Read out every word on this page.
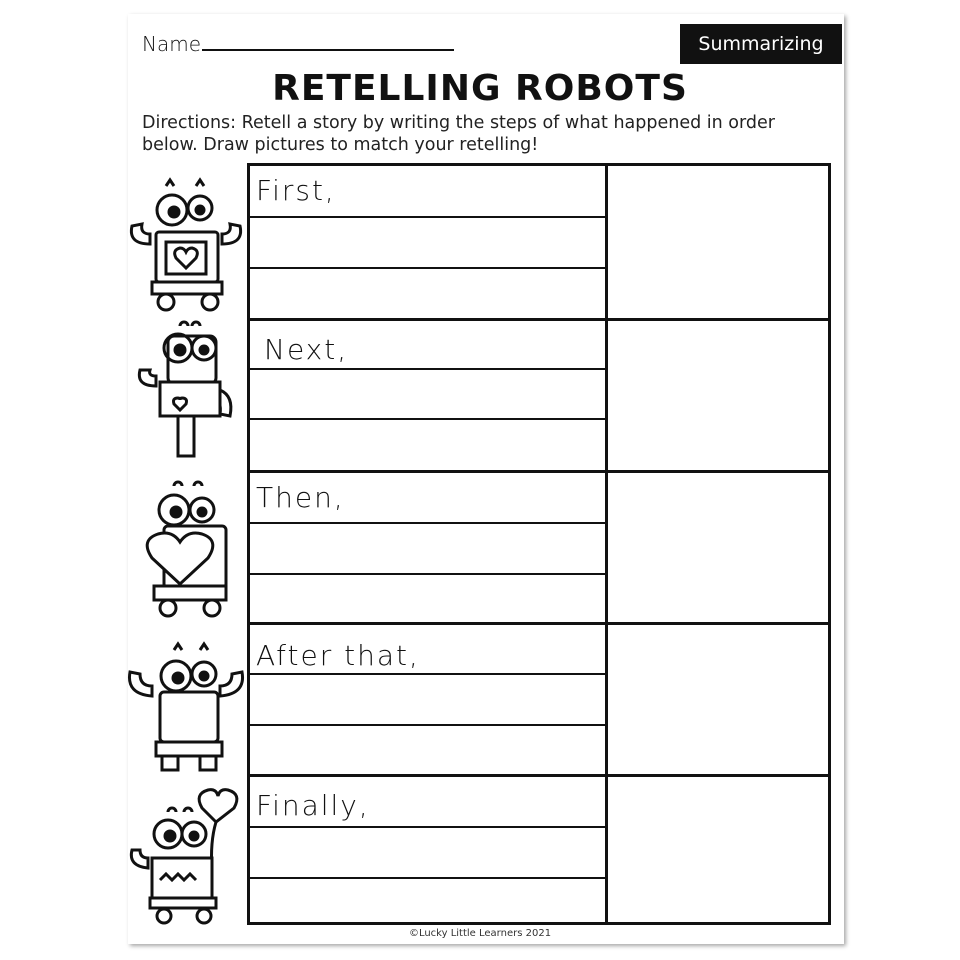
Name	Summarizing
RETELLING ROBOTS
Directions: Retell a story by writing the steps of what happened in order below. Draw pictures to match your retelling!
First,
Next,
Then,
After that,
Finally,
©Lucky Little Learners 2021
